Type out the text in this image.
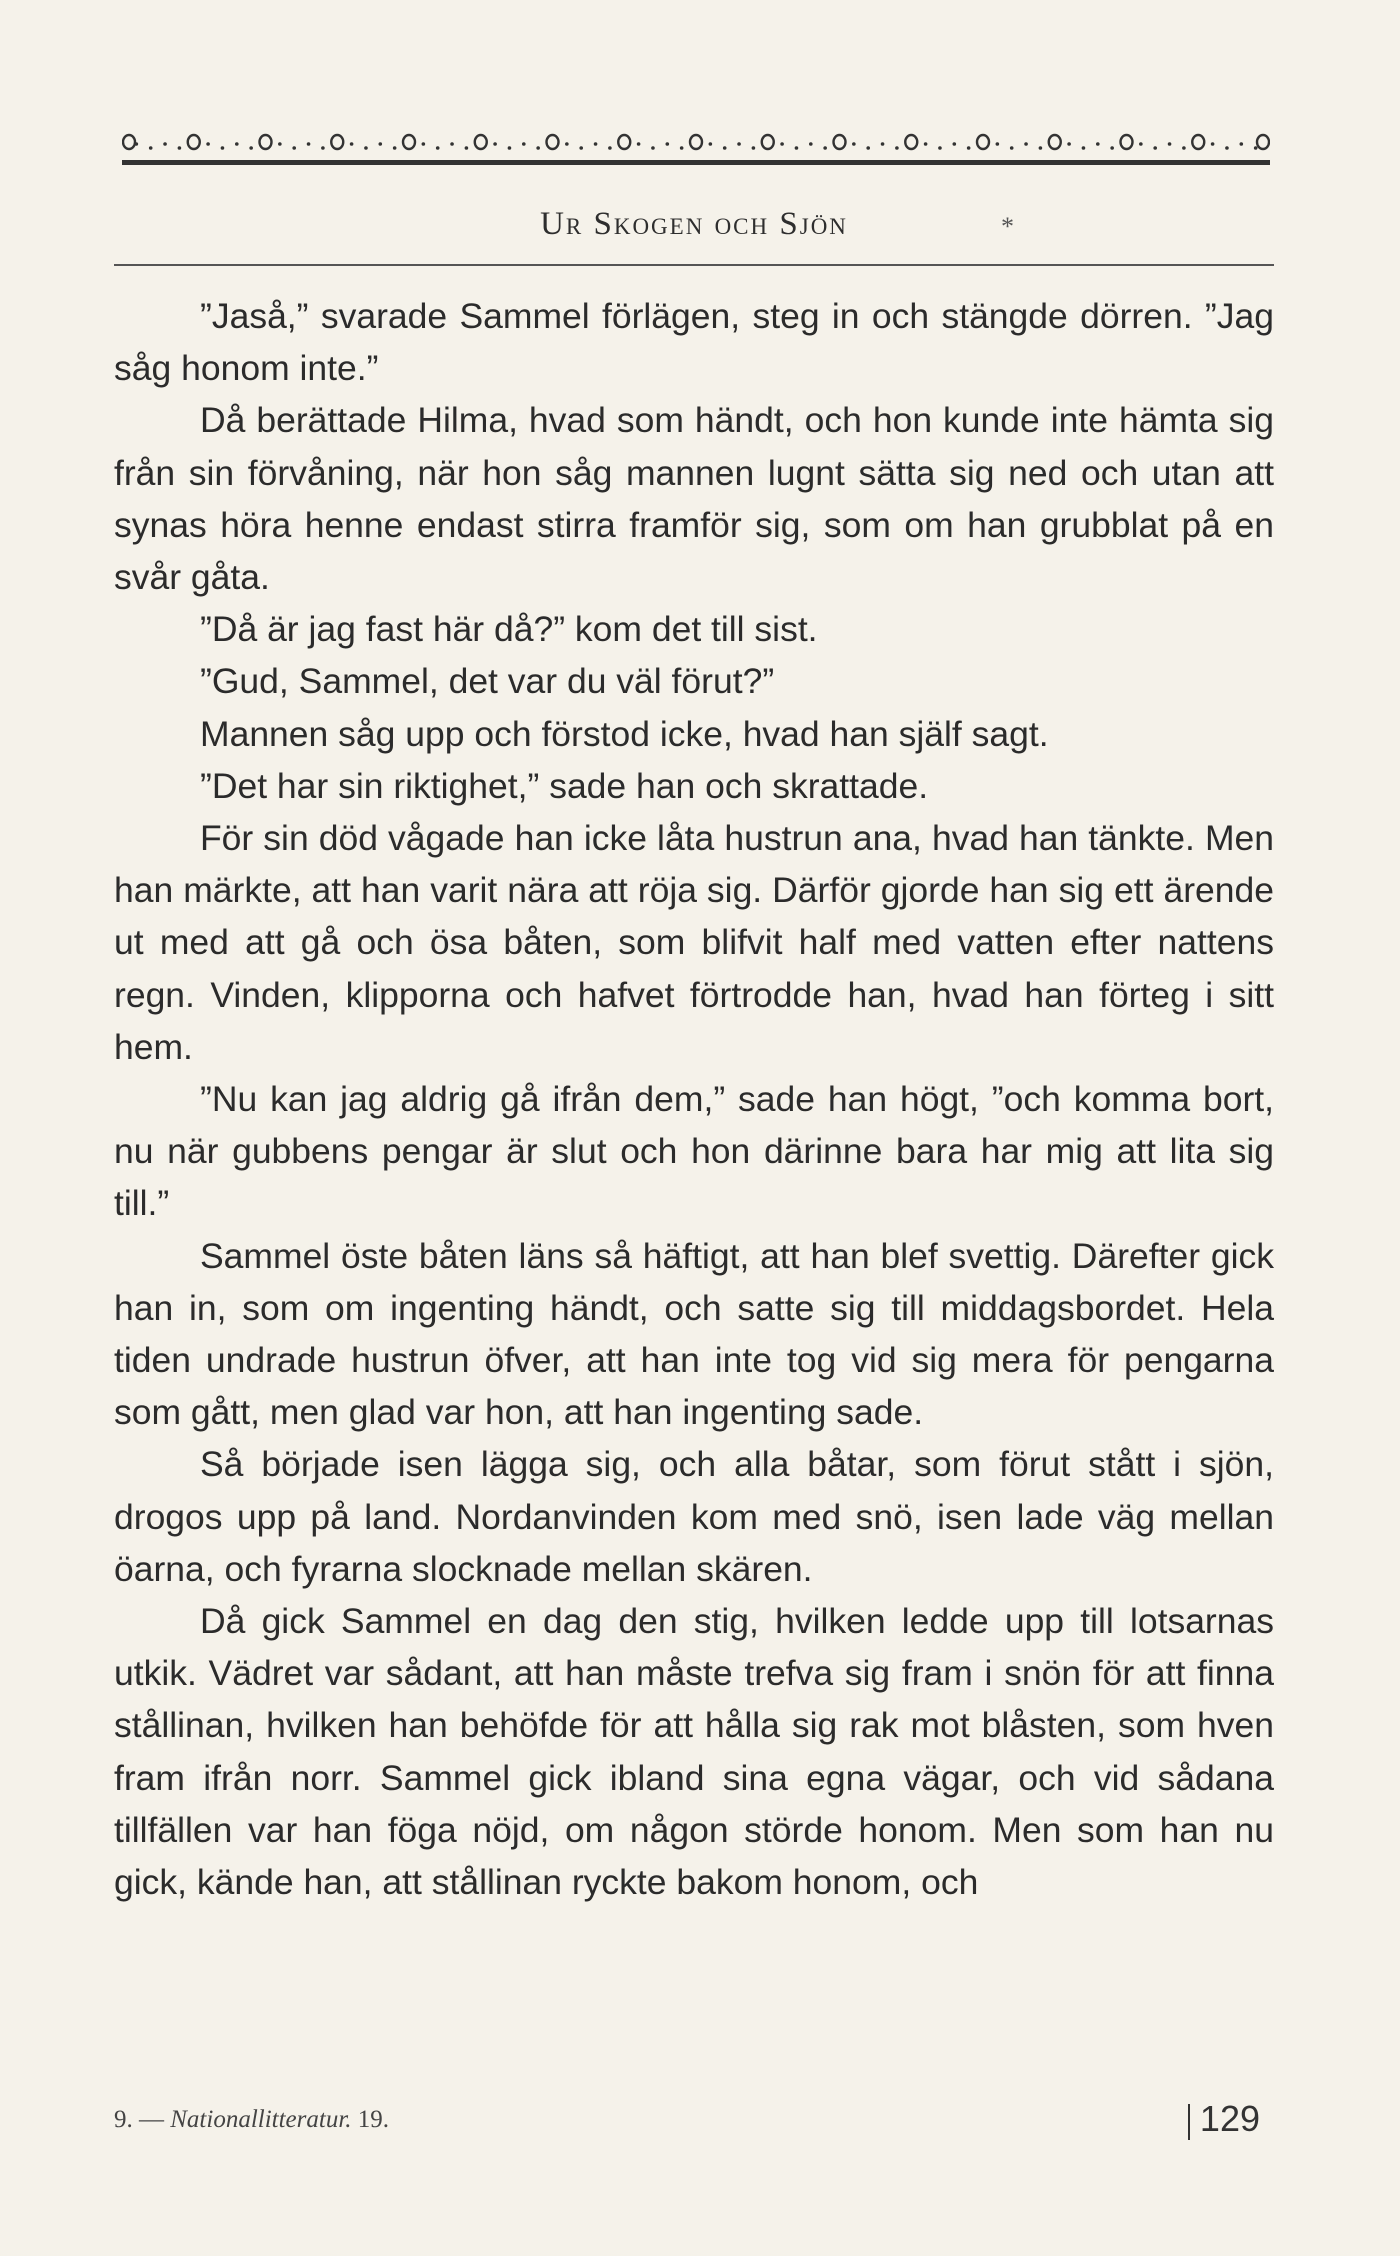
Ur Skogen och Sjön	*

”Jaså,” svarade Sammel förlägen, steg in och stängde dörren. ”Jag såg honom inte.”

Då berättade Hilma, hvad som händt, och hon kunde inte hämta sig från sin förvåning, när hon såg mannen lugnt sätta sig ned och utan att synas höra henne endast stirra framför sig, som om han grubblat på en svår gåta.

”Då är jag fast här då?” kom det till sist.

”Gud, Sammel, det var du väl förut?”

Mannen såg upp och förstod icke, hvad han själf sagt.

”Det har sin riktighet,” sade han och skrattade.

För sin död vågade han icke låta hustrun ana, hvad han tänkte. Men han märkte, att han varit nära att röja sig. Därför gjorde han sig ett ärende ut med att gå och ösa båten, som blifvit half med vatten efter nattens regn. Vinden, klipporna och hafvet förtrodde han, hvad han förteg i sitt hem.

”Nu kan jag aldrig gå ifrån dem,” sade han högt, ”och komma bort, nu när gubbens pengar är slut och hon därinne bara har mig att lita sig till.”

Sammel öste båten läns så häftigt, att han blef svettig. Därefter gick han in, som om ingenting händt, och satte sig till middagsbordet. Hela tiden undrade hustrun öfver, att han inte tog vid sig mera för pengarna som gått, men glad var hon, att han ingenting sade.

Så började isen lägga sig, och alla båtar, som förut stått i sjön, drogos upp på land. Nordanvinden kom med snö, isen lade väg mellan öarna, och fyrarna slocknade mellan skären.

Då gick Sammel en dag den stig, hvilken ledde upp till lotsarnas utkik. Vädret var sådant, att han måste trefva sig fram i snön för att finna stållinan, hvilken han behöfde för att hålla sig rak mot blåsten, som hven fram ifrån norr. Sammel gick ibland sina egna vägar, och vid sådana tillfällen var han föga nöjd, om någon störde honom. Men som han nu gick, kände han, att stållinan ryckte bakom honom, och

9. — Nationallitteratur. 19.	129
